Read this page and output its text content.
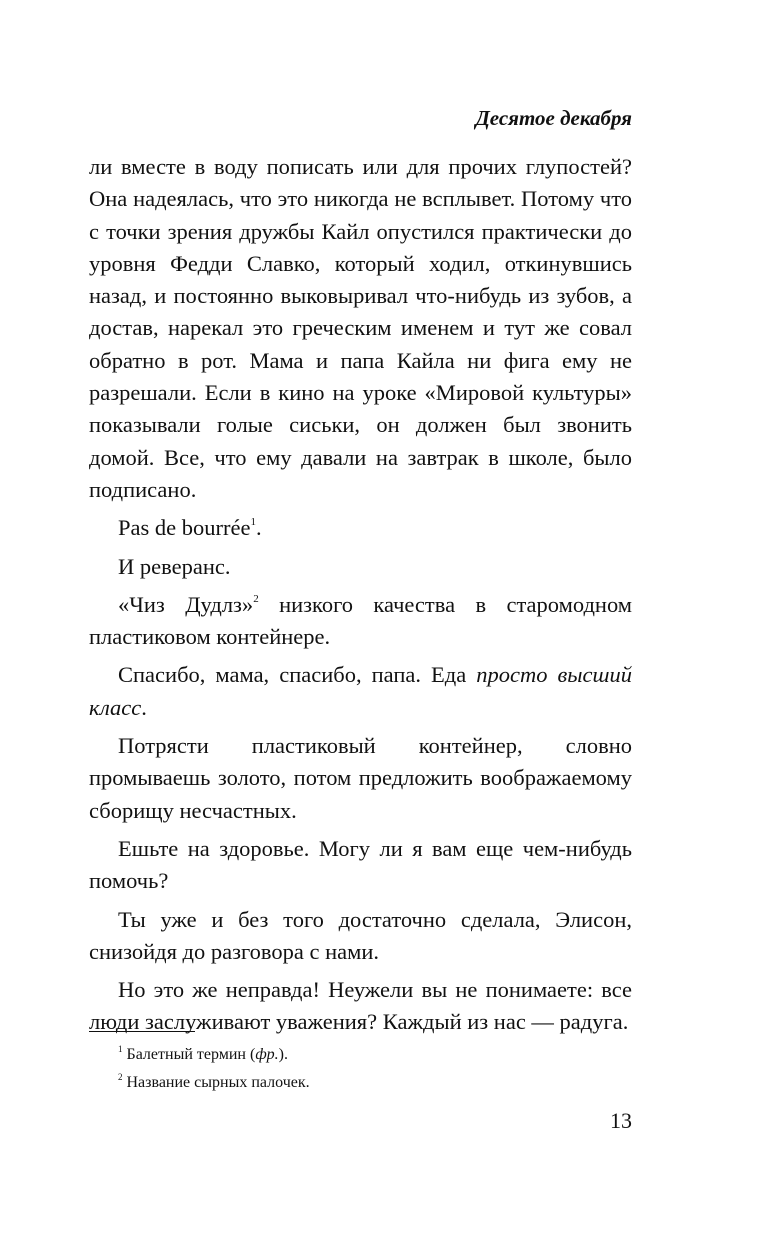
Десятое декабря

ли вместе в воду пописать или для прочих глупостей? Она надеялась, что это никогда не всплывет. Потому что с точки зрения дружбы Кайл опустился практически до уровня Федди Славко, который ходил, откинувшись назад, и постоянно выковыривал что-нибудь из зубов, а достав, нарекал это греческим именем и тут же совал обратно в рот. Мама и папа Кайла ни фига ему не разрешали. Если в кино на уроке «Мировой культуры» показывали голые сиськи, он должен был звонить домой. Все, что ему давали на завтрак в школе, было подписано.

Pas de bourrée$^1$.

И реверанс.

«Чиз Дудлз»$^2$ низкого качества в старомодном пластиковом контейнере.

Спасибо, мама, спасибо, папа. Еда просто высший класс.

Потрясти пластиковый контейнер, словно промываешь золото, потом предложить воображаемому сборищу несчастных.

Ешьте на здоровье. Могу ли я вам еще чем-нибудь помочь?

Ты уже и без того достаточно сделала, Элисон, снизойдя до разговора с нами.

Но это же неправда! Неужели вы не понимаете: все люди заслуживают уважения? Каждый из нас — радуга.

$^1$ Балетный термин (фр.).
$^2$ Название сырных палочек.
13
